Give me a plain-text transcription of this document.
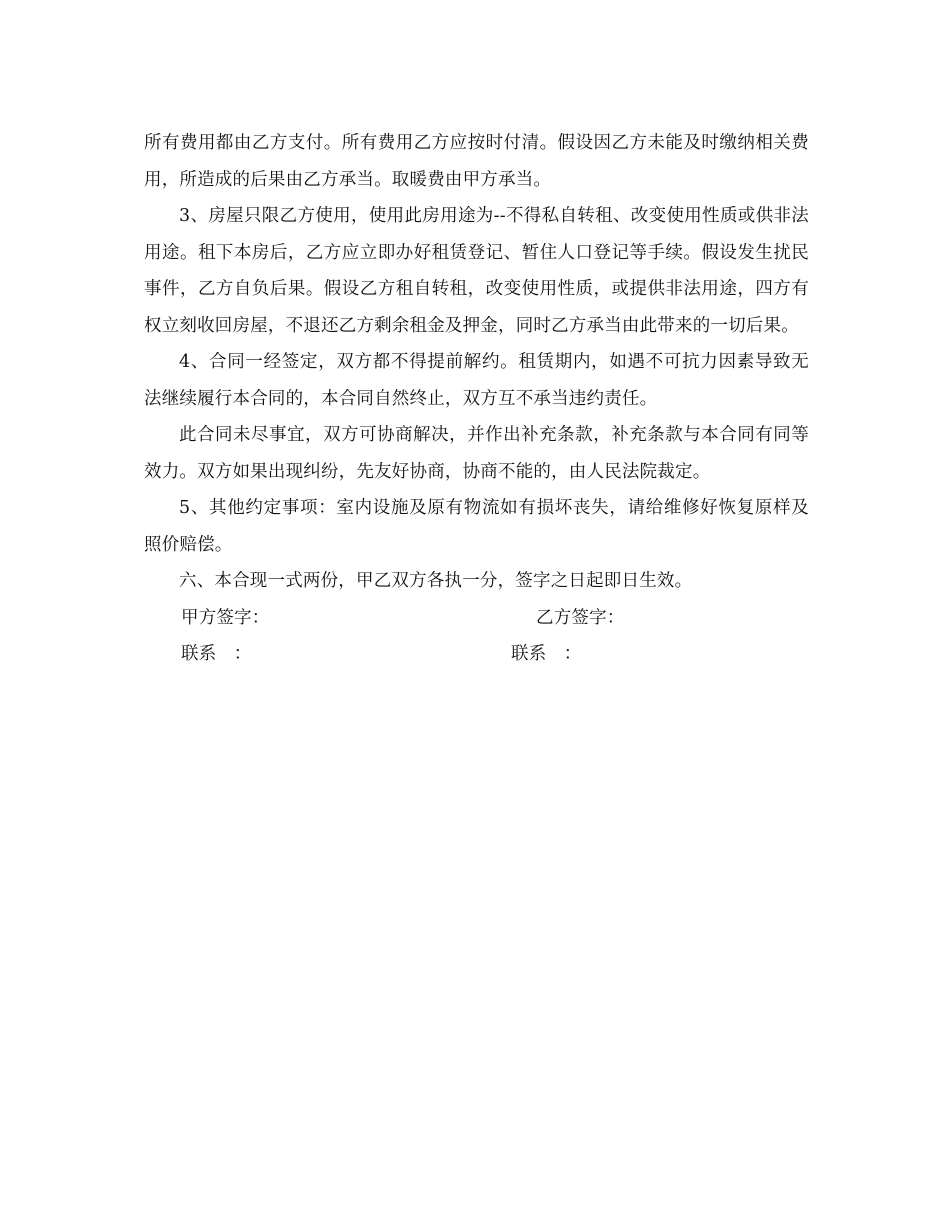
所有费用都由乙方支付。所有费用乙方应按时付清。假设因乙方未能及时缴纳相关费用，所造成的后果由乙方承当。取暖费由甲方承当。

3、房屋只限乙方使用，使用此房用途为--不得私自转租、改变使用性质或供非法用途。租下本房后，乙方应立即办好租赁登记、暂住人口登记等手续。假设发生扰民事件，乙方自负后果。假设乙方租自转租，改变使用性质，或提供非法用途，四方有权立刻收回房屋，不退还乙方剩余租金及押金，同时乙方承当由此带来的一切后果。

4、合同一经签定，双方都不得提前解约。租赁期内，如遇不可抗力因素导致无法继续履行本合同的，本合同自然终止，双方互不承当违约责任。

此合同未尽事宜，双方可协商解决，并作出补充条款，补充条款与本合同有同等效力。双方如果出现纠纷，先友好协商，协商不能的，由人民法院裁定。

5、其他约定事项：室内设施及原有物流如有损坏丧失，请给维修好恢复原样及照价赔偿。

六、本合现一式两份，甲乙双方各执一分，签字之日起即日生效。

甲方签字：	乙方签字：
联系   ：	联系   ：
